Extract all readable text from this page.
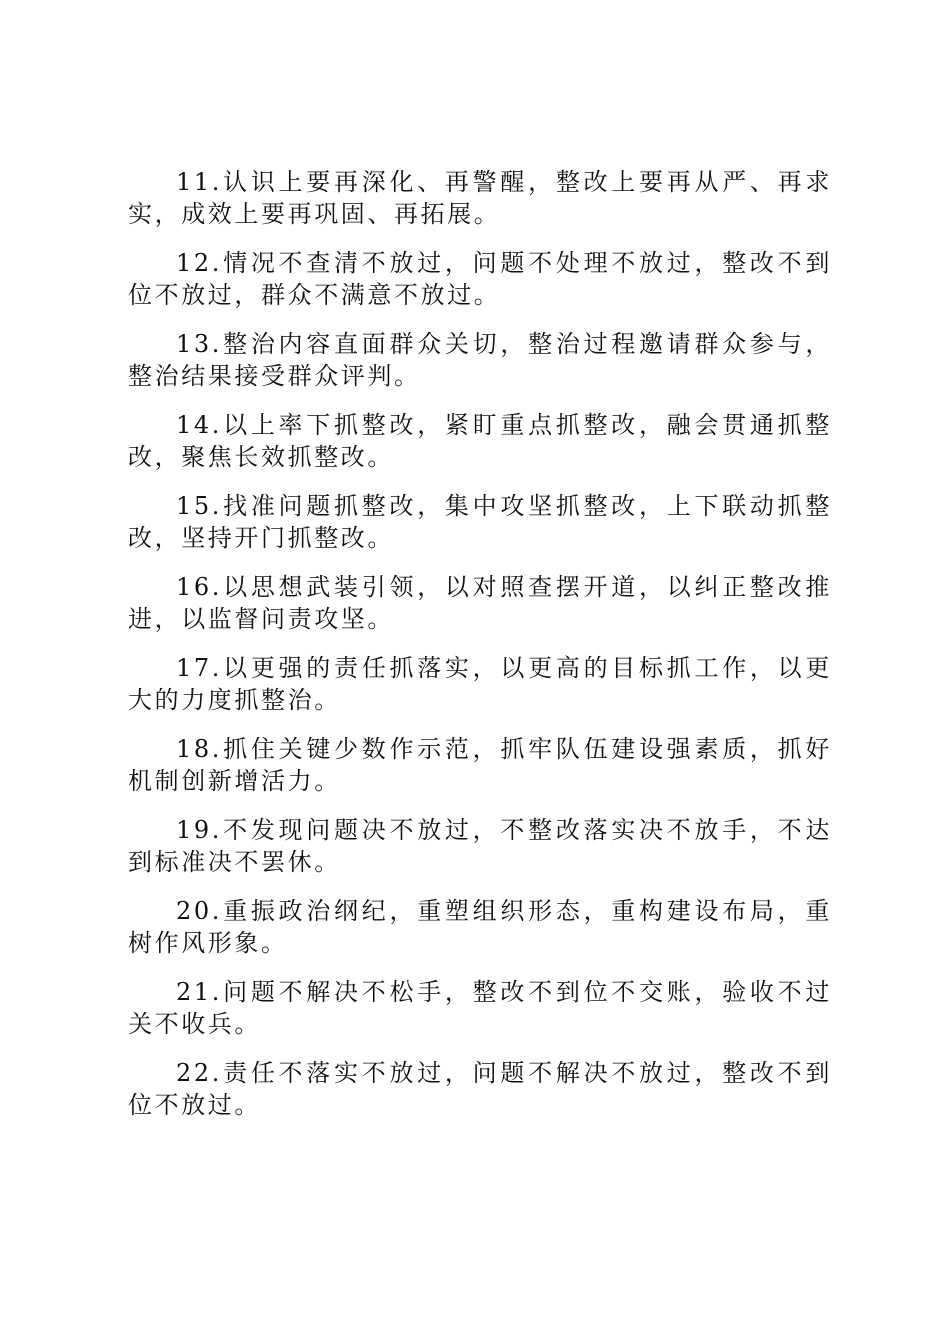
11.认识上要再深化、再警醒，整改上要再从严、再求实，成效上要再巩固、再拓展。

12.情况不查清不放过，问题不处理不放过，整改不到位不放过，群众不满意不放过。

13.整治内容直面群众关切，整治过程邀请群众参与，整治结果接受群众评判。

14.以上率下抓整改，紧盯重点抓整改，融会贯通抓整改，聚焦长效抓整改。

15.找准问题抓整改，集中攻坚抓整改，上下联动抓整改，坚持开门抓整改。

16.以思想武装引领，以对照查摆开道，以纠正整改推进，以监督问责攻坚。

17.以更强的责任抓落实，以更高的目标抓工作，以更大的力度抓整治。

18.抓住关键少数作示范，抓牢队伍建设强素质，抓好机制创新增活力。

19.不发现问题决不放过，不整改落实决不放手，不达到标准决不罢休。

20.重振政治纲纪，重塑组织形态，重构建设布局，重树作风形象。

21.问题不解决不松手，整改不到位不交账，验收不过关不收兵。

22.责任不落实不放过，问题不解决不放过，整改不到位不放过。
